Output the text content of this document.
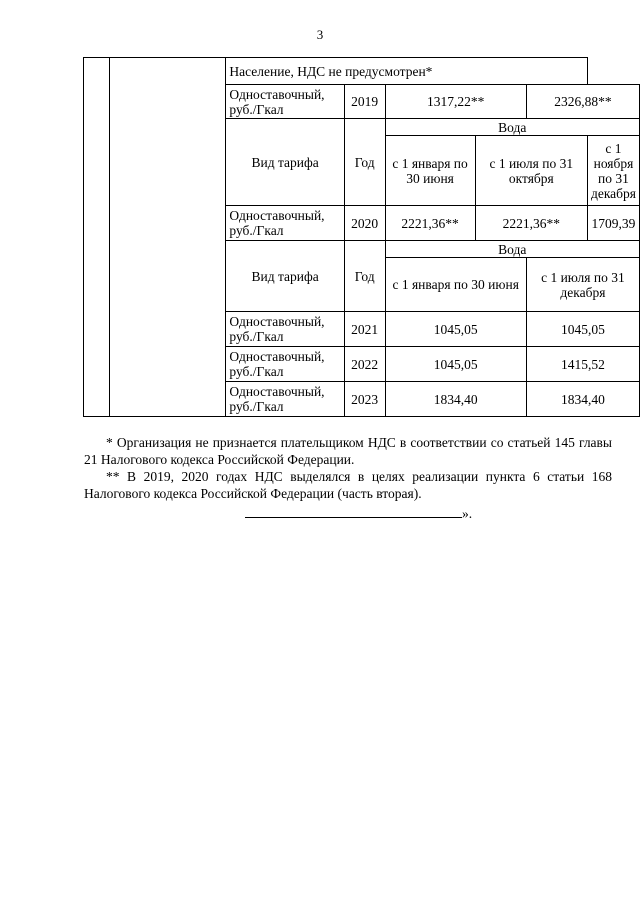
3
		Население, НДС не предусмотрен*					
		Одноставочный, руб./Гкал	2019	1317,22**		2326,88**	
		Вид тарифа	Год	Вода			
				с 1 января по 30 июня	с 1 июля по 31 октября		с 1 ноября по 31 декабря
		Одноставочный, руб./Гкал	2020	2221,36**	2221,36**		1709,39
		Вид тарифа	Год	Вода			
				с 1 января по 30 июня		с 1 июля по 31 декабря	
		Одноставочный, руб./Гкал	2021	1045,05		1045,05	
		Одноставочный, руб./Гкал	2022	1045,05		1415,52	
		Одноставочный, руб./Гкал	2023	1834,40		1834,40	

* Организация не признается плательщиком НДС в соответствии со статьей 145 главы 21 Налогового кодекса Российской Федерации.

** В 2019, 2020 годах НДС выделялся в целях реализации пункта 6 статьи 168 Налогового кодекса Российской Федерации (часть вторая).

».
